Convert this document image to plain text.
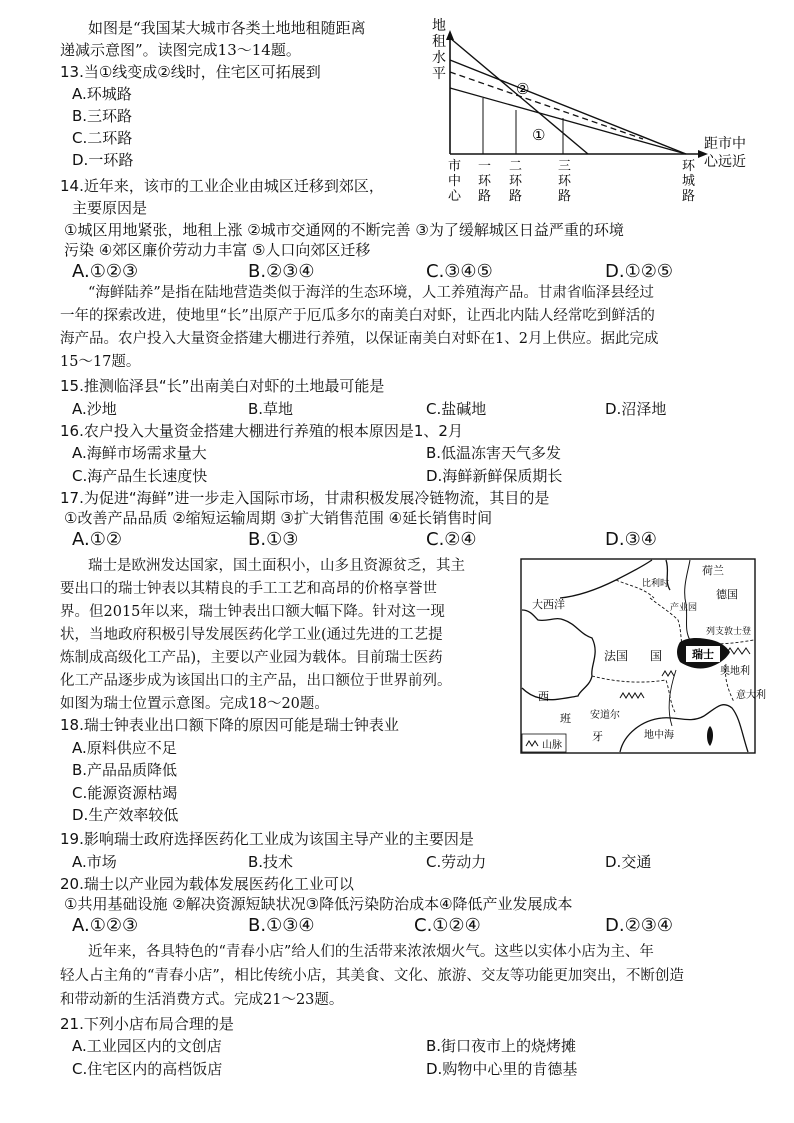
如图是“我国某大城市各类土地地租随距离
递减示意图”。读图完成13～14题。
13.当①线变成②线时，住宅区可拓展到
A.环城路
B.三环路
C.二环路
D.一环路
14.近年来，该市的工业企业由城区迁移到郊区，
主要原因是
①城区用地紧张，地租上涨 ②城市交通网的不断完善 ③为了缓解城区日益严重的环境
污染 ④郊区廉价劳动力丰富 ⑤人口向郊区迁移
A.①②③	B.②③④	C.③④⑤	D.①②⑤
地
租
水
平
距市中
心远近
②
①
市
中
心
一
环
路
二
环
路
三
环
路
环
城
路
“海鲜陆养”是指在陆地营造类似于海洋的生态环境，人工养殖海产品。甘肃省临泽县经过
一年的探索改进，使地里“长”出原产于厄瓜多尔的南美白对虾，让西北内陆人经常吃到鲜活的
海产品。农户投入大量资金搭建大棚进行养殖，以保证南美白对虾在1、2月上供应。据此完成
15～17题。
15.推测临泽县“长”出南美白对虾的土地最可能是
A.沙地	B.草地	C.盐碱地	D.沼泽地
16.农户投入大量资金搭建大棚进行养殖的根本原因是1、2月
A.海鲜市场需求量大	B.低温冻害天气多发
C.海产品生长速度快	D.海鲜新鲜保质期长
17.为促进“海鲜”进一步走入国际市场，甘肃积极发展冷链物流，其目的是
①改善产品品质 ②缩短运输周期 ③扩大销售范围 ④延长销售时间
A.①②	B.①③	C.②④	D.③④
瑞士是欧洲发达国家，国土面积小，山多且资源贫乏，其主
要出口的瑞士钟表以其精良的手工工艺和高昂的价格享誉世
界。但2015年以来，瑞士钟表出口额大幅下降。针对这一现
状，当地政府积极引导发展医药化学工业(通过先进的工艺提
炼制成高级化工产品)，主要以产业园为载体。目前瑞士医药
化工产品逐步成为该国出口的主产品，出口额位于世界前列。
如图为瑞士位置示意图。完成18～20题。
荷兰
德国
大西洋
法国 国	瑞士
列支敦士登
奥地利
意大利
西
班
牙
安道尔
地中海
产业园
比利时
山脉
18.瑞士钟表业出口额下降的原因可能是瑞士钟表业
A.原料供应不足
B.产品品质降低
C.能源资源枯竭
D.生产效率较低
19.影响瑞士政府选择医药化工业成为该国主导产业的主要因是
A.市场	B.技术	C.劳动力	D.交通
20.瑞士以产业园为载体发展医药化工业可以
①共用基础设施 ②解决资源短缺状况③降低污染防治成本④降低产业发展成本
A.①②③	B.①③④	C.①②④	D.②③④
近年来，各具特色的“青春小店”给人们的生活带来浓浓烟火气。这些以实体小店为主、年
轻人占主角的“青春小店”，相比传统小店，其美食、文化、旅游、交友等功能更加突出，不断创造
和带动新的生活消费方式。完成21～23题。
21.下列小店布局合理的是
A.工业园区内的文创店	B.街口夜市上的烧烤摊
C.住宅区内的高档饭店	D.购物中心里的肯德基
